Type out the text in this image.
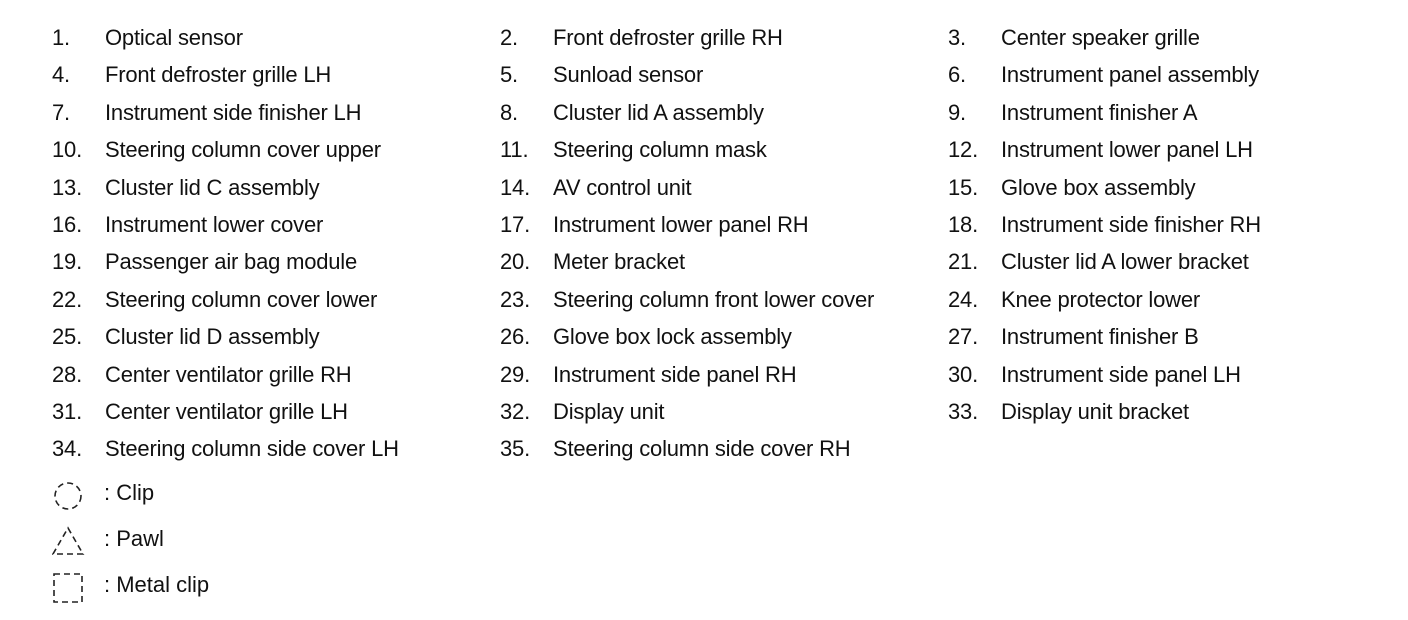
1. Optical sensor
4. Front defroster grille LH
7. Instrument side finisher LH
10. Steering column cover upper
13. Cluster lid C assembly
16. Instrument lower cover
19. Passenger air bag module
22. Steering column cover lower
25. Cluster lid D assembly
28. Center ventilator grille RH
31. Center ventilator grille LH
34. Steering column side cover LH
2. Front defroster grille RH
5. Sunload sensor
8. Cluster lid A assembly
11. Steering column mask
14. AV control unit
17. Instrument lower panel RH
20. Meter bracket
23. Steering column front lower cover
26. Glove box lock assembly
29. Instrument side panel RH
32. Display unit
35. Steering column side cover RH
3. Center speaker grille
6. Instrument panel assembly
9. Instrument finisher A
12. Instrument lower panel LH
15. Glove box assembly
18. Instrument side finisher RH
21. Cluster lid A lower bracket
24. Knee protector lower
27. Instrument finisher B
30. Instrument side panel LH
33. Display unit bracket
: Clip
: Pawl
: Metal clip
